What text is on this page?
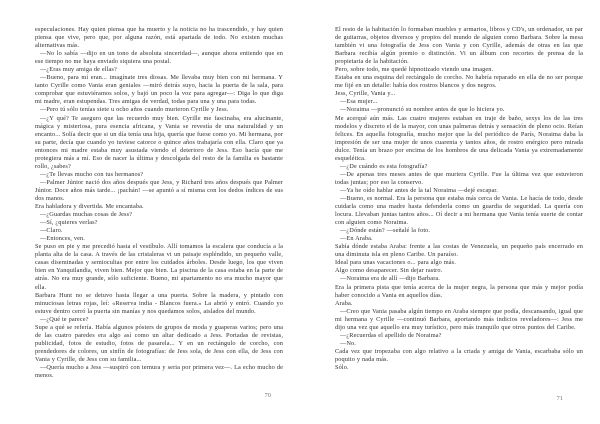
especulaciones. Hay quien piensa que ha muerto y la noticia no ha trascendido, y hay quien piensa que vive, pero que, por alguna razón, está apartada de todo. No existen muchas alternativas más.

—No lo sabía —dijo en un tono de absoluta sinceridad—, aunque ahora entiendo que en ese tiempo no me haya enviado siquiera una postal.

—¿Eras muy amiga de ellas?

—Bueno, para mí eran... imagínate tres diosas. Me llevaba muy bien con mi hermana. Y tanto Cyrille como Vania eran geniales —miró detrás suyo, hacia la puerta de la sala, para comprobar que estuviéramos solos, y bajó un poco la voz para agregar—: Diga lo que diga mi madre, eran estupendas. Tres amigas de verdad, todas para una y una para todas.

—Pero tú sólo tenías siete u ocho años cuando murieron Cyrille y Jess.

—¿Y qué? Te aseguro que las recuerdo muy bien. Cyrille me fascinaba, era alucinante, mágica y misteriosa, pura esencia africana, y Vania se revestía de una naturalidad y un encanto... Solía decir que si un día tenía una hija, quería que fuese como yo. Mi hermana, por su parte, decía que cuando yo tuviese catorce o quince años trabajaría con ella. Claro que ya entonces mi madre estaba muy asustada viendo el deterioro de Jess. Eso hacía que me protegiera más a mí. Eso de nacer la última y descolgada del resto de la familia es bastante rollo, ¿sabes?

—¿Te llevas mucho con tus hermanos?

—Palmer Júnior nació dos años después que Jess, y Richard tres años después que Palmer Júnior. Doce años más tarde... ¡pachán! —se apuntó a sí misma con los dedos índices de sus dos manos.

Era habladora y divertida. Me encantaba.

—¿Guardas muchas cosas de Jess?

—Sí, ¿quieres verlas?

—Claro.

—Entonces, ven.

Se puso en pie y me precedió hasta el vestíbulo. Allí tomamos la escalera que conducía a la planta alta de la casa. A través de las cristaleras vi un paisaje espléndido, un pequeño valle, casas diseminadas y semiocultas por entre los cuidados árboles. Desde luego, los que viven bien en Yanquilandia, viven bien. Mejor que bien. La piscina de la casa estaba en la parte de atrás. No era muy grande, sólo suficiente. Bueno, mi apartamento no era mucho mayor que ella.

Barbara Hunt no se detuvo hasta llegar a una puerta. Sobre la madera, y pintado con minuciosas letras rojas, leí: «Reserva india - Blancos fuera.» La abrió y entró. Cuando yo estuve dentro cerró la puerta sin manías y nos quedamos solos, aislados del mundo.

—¿Qué te parece?

Supe a qué se refería. Había algunos pósters de grupos de moda y guaperas varios; pero una de las cuatro paredes era algo así como un altar dedicado a Jess. Portadas de revistas, publicidad, fotos de estudio, fotos de pasarela... Y en un rectángulo de corcho, con prendedores de colores, un sinfín de fotografías: de Jess sola, de Jess con ella, de Jess con Vania y Cyrille, de Jess con su familia...

—Quería mucho a Jess —suspiró con ternura y seria por primera vez—. La echo mucho de menos.

El resto de la habitación lo formaban muebles y armarios, libros y CD's, un ordenador, un par de guitarras, objetos diversos y propios del mundo de alguien como Barbara. Sobre la mesa también vi una fotografía de Jess con Vania y con Cyrille, además de otras en las que Barbara recibía algún premio o distinción. Vi un álbum con recortes de prensa de la propietaria de la habitación.

Pero, sobre todo, me quedé hipnotizado viendo una imagen.

Estaba en una esquina del rectángulo de corcho. No habría reparado en ella de no ser porque me fijé en un detalle: había dos rostros blancos y dos negros.

Jess, Cyrille, Vania y...

—Esa mujer...

—Noraima —pronunció su nombre antes de que lo hiciera yo.

Me acerqué aún más. Las cuatro mujeres estaban en traje de baño, sexys los de las tres modelos y discreto el de la mayor, con unas palmeras detrás y sensación de pleno ocio. Reían felices. En aquella fotografía, mucho mejor que la del periódico de París, Noraima daba la impresión de ser una mujer de unos cuarenta y tantos años, de rostro enérgico pero mirada dulce. Tenía un brazo por encima de los hombros de una delicada Vania ya extremadamente esquelética.

—¿De cuándo es esta fotografía?

—De apenas tres meses antes de que muriera Cyrille. Fue la última vez que estuvieron todas juntas; por eso la conservo.

—Ya he oído hablar antes de la tal Noraima —dejé escapar.

—Bueno, es normal. Era la persona que estaba más cerca de Vania. Le hacía de todo, desde cuidarla como una madre hasta defenderla como un guardia de seguridad. La quería con locura. Llevaban juntas tantos años... Oí decir a mi hermana que Vania tenía suerte de contar con alguien como Noraima.

—¿Dónde están? —señalé la foto.

—En Araba.

Sabía dónde estaba Araba: frente a las costas de Venezuela, un pequeño país encerrado en una diminuta isla en pleno Caribe. Un paraíso.

Ideal para unas vacaciones o... para algo más.

Algo como desaparecer. Sin dejar rastro.

—Noraima era de allí —dijo Barbara.

Era la primera pista que tenía acerca de la mujer negra, la persona que más y mejor podía haber conocido a Vania en aquellos días.

Araba.

—Creo que Vania pasaba algún tiempo en Araba siempre que podía, descansando, igual que mi hermana y Cyrille —continuó Barbara, aportando más indicios reveladores—: Jess me dijo una vez que aquello era muy turístico, pero más tranquilo que otros puntos del Caribe.

—¿Recuerdas el apellido de Noraima?

—No.

Cada vez que tropezaba con algo relativo a la criada y amiga de Vania, escarbaba sólo un poquito y nada más.

Sólo.

70	71
